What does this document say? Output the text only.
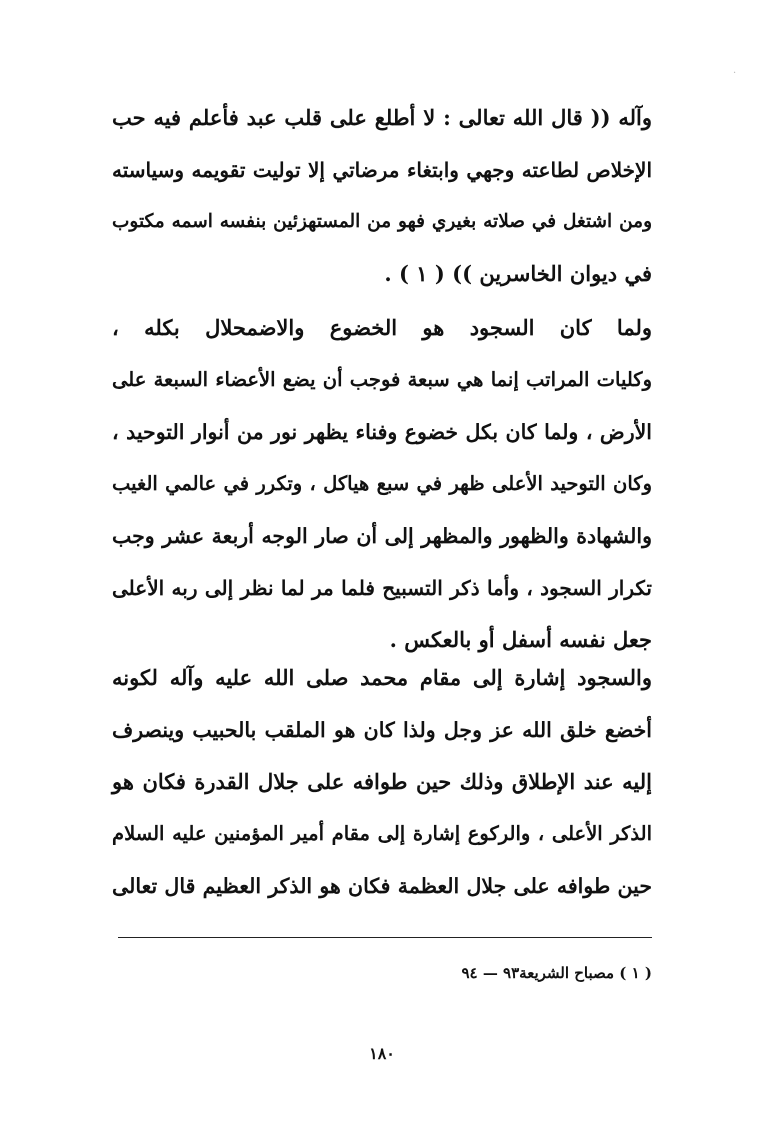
·
وآله (( قال الله تعالى : لا أطلع على قلب عبد فأعلم فيه حب
الإخلاص لطاعته وجهي وابتغاء مرضاتي إلا توليت تقويمه وسياسته
ومن اشتغل في صلاته بغيري فهو من المستهزئين بنفسه اسمه مكتوب
في ديوان الخاسرين )) ( ١ ) .
ولما كان السجود هو الخضوع والاضمحلال بكله ،
وكليات المراتب إنما هي سبعة فوجب أن يضع الأعضاء السبعة على
الأرض ، ولما كان بكل خضوع وفناء يظهر نور من أنوار التوحيد ،
وكان التوحيد الأعلى ظهر في سبع هياكل ، وتكرر في عالمي الغيب
والشهادة والظهور والمظهر إلى أن صار الوجه أربعة عشر وجب
تكرار السجود ، وأما ذكر التسبيح فلما مر لما نظر إلى ربه الأعلى
جعل نفسه أسفل أو بالعكس .
والسجود إشارة إلى مقام محمد صلى الله عليه وآله لكونه
أخضع خلق الله عز وجل ولذا كان هو الملقب بالحبيب وينصرف
إليه عند الإطلاق وذلك حين طوافه على جلال القدرة فكان هو
الذكر الأعلى ، والركوع إشارة إلى مقام أمير المؤمنين عليه السلام
حين طوافه على جلال العظمة فكان هو الذكر العظيم قال تعالى
( ١ ) مصباح الشريعة٩٣ — ٩٤
١٨٠
